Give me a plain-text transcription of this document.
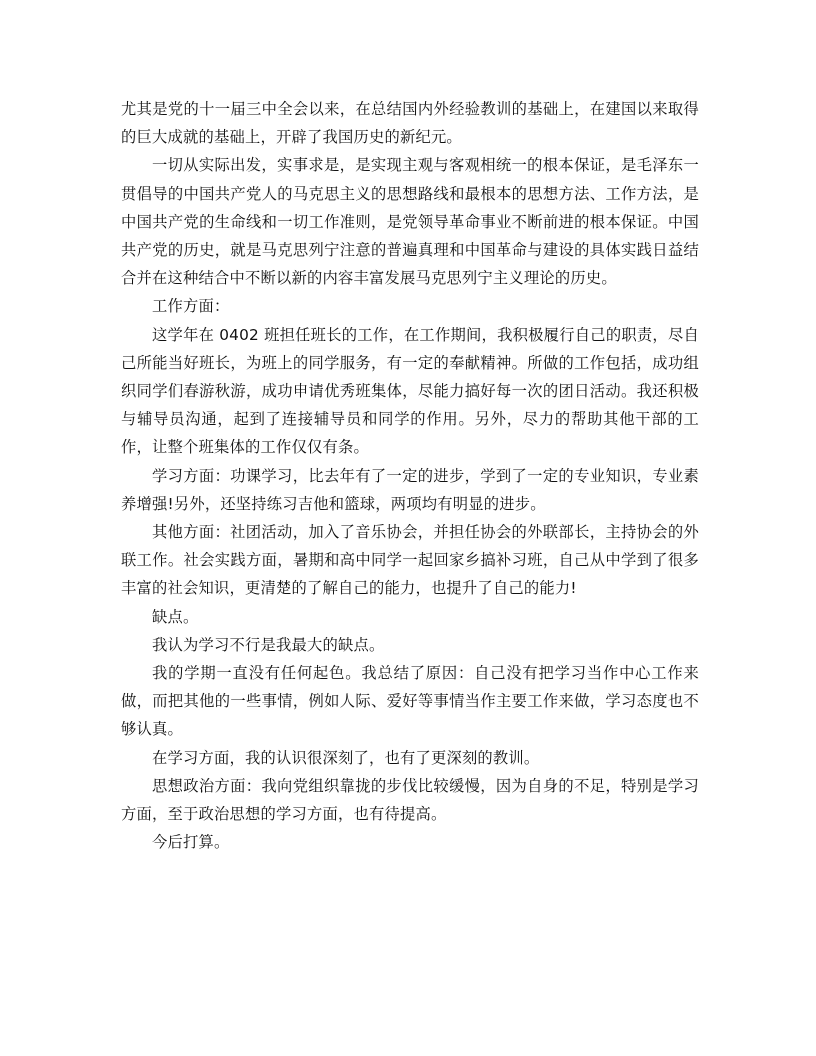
尤其是党的十一届三中全会以来，在总结国内外经验教训的基础上，在建国以来取得的巨大成就的基础上，开辟了我国历史的新纪元。

一切从实际出发，实事求是，是实现主观与客观相统一的根本保证，是毛泽东一贯倡导的中国共产党人的马克思主义的思想路线和最根本的思想方法、工作方法，是中国共产党的生命线和一切工作准则，是党领导革命事业不断前进的根本保证。中国共产党的历史，就是马克思列宁注意的普遍真理和中国革命与建设的具体实践日益结合并在这种结合中不断以新的内容丰富发展马克思列宁主义理论的历史。

工作方面：

这学年在 0402 班担任班长的工作，在工作期间，我积极履行自己的职责，尽自己所能当好班长，为班上的同学服务，有一定的奉献精神。所做的工作包括，成功组织同学们春游秋游，成功申请优秀班集体，尽能力搞好每一次的团日活动。我还积极与辅导员沟通，起到了连接辅导员和同学的作用。另外，尽力的帮助其他干部的工作，让整个班集体的工作仅仅有条。

学习方面：功课学习，比去年有了一定的进步，学到了一定的专业知识，专业素养增强!另外，还坚持练习吉他和篮球，两项均有明显的进步。

其他方面：社团活动，加入了音乐协会，并担任协会的外联部长，主持协会的外联工作。社会实践方面，暑期和高中同学一起回家乡搞补习班，自己从中学到了很多丰富的社会知识，更清楚的了解自己的能力，也提升了自己的能力!

缺点。

我认为学习不行是我最大的缺点。

我的学期一直没有任何起色。我总结了原因：自己没有把学习当作中心工作来做，而把其他的一些事情，例如人际、爱好等事情当作主要工作来做，学习态度也不够认真。

在学习方面，我的认识很深刻了，也有了更深刻的教训。

思想政治方面：我向党组织靠拢的步伐比较缓慢，因为自身的不足，特别是学习方面，至于政治思想的学习方面，也有待提高。

今后打算。
